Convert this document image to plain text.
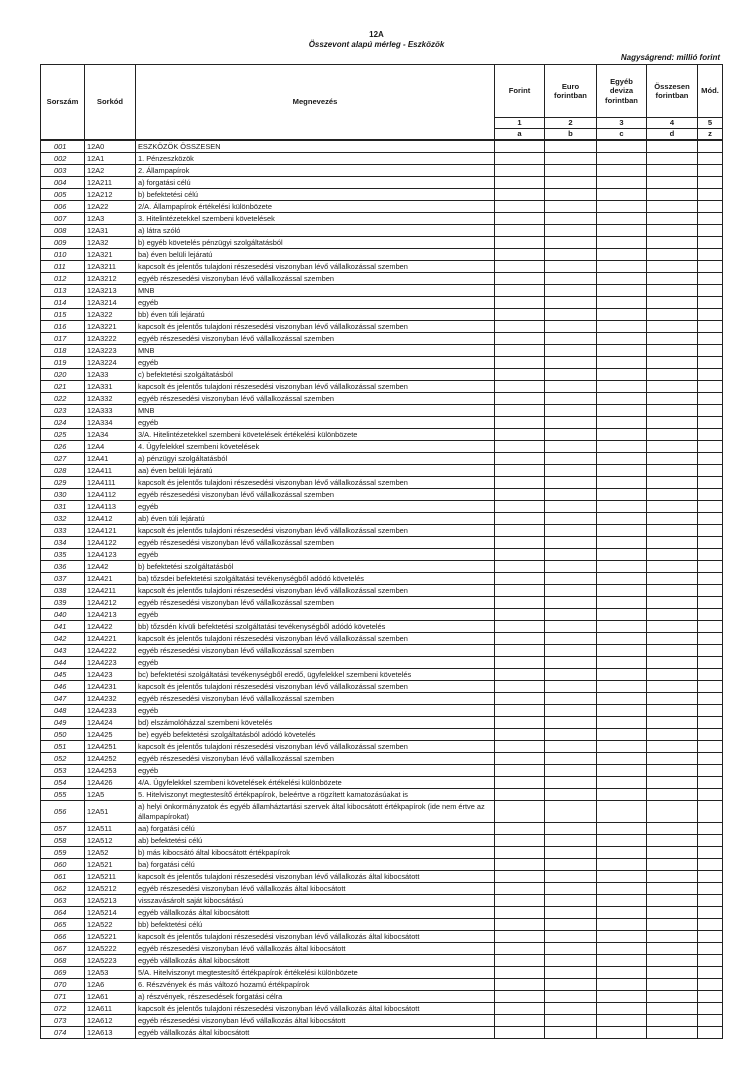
12A
Összevont alapú mérleg - Eszközök
Nagyságrend: millió forint
Sorszám	Sorkód	Megnevezés	Forint	Euro forintban	Egyéb deviza forintban	Összesen forintban	Mód.
			1	2	3	4	5
			a	b	c	d	z
001	12A0	ESZKÖZÖK ÖSSZESEN					
002	12A1	1. Pénzeszközök					
003	12A2	2. Állampapírok					
004	12A211	a) forgatási célú					
005	12A212	b) befektetési célú					
006	12A22	2/A. Állampapírok értékelési különbözete					
007	12A3	3. Hitelintézetekkel szembeni követelések					
008	12A31	a) látra szóló					
009	12A32	b) egyéb követelés pénzügyi szolgáltatásból					
010	12A321	ba) éven belüli lejáratú					
011	12A3211	kapcsolt és jelentős tulajdoni részesedési viszonyban lévő vállalkozással szemben					
012	12A3212	egyéb részesedési viszonyban lévő vállalkozással szemben					
013	12A3213	MNB					
014	12A3214	egyéb					
015	12A322	bb) éven túli lejáratú					
016	12A3221	kapcsolt és jelentős tulajdoni részesedési viszonyban lévő vállalkozással szemben					
017	12A3222	egyéb részesedési viszonyban lévő vállalkozással szemben					
018	12A3223	MNB					
019	12A3224	egyéb					
020	12A33	c) befektetési szolgáltatásból					
021	12A331	kapcsolt és jelentős tulajdoni részesedési viszonyban lévő vállalkozással szemben					
022	12A332	egyéb részesedési viszonyban lévő vállalkozással szemben					
023	12A333	MNB					
024	12A334	egyéb					
025	12A34	3/A. Hitelintézetekkel szembeni követelések értékelési különbözete					
026	12A4	4. Ügyfelekkel szembeni követelések					
027	12A41	a) pénzügyi szolgáltatásból					
028	12A411	aa) éven belüli lejáratú					
029	12A4111	kapcsolt és jelentős tulajdoni részesedési viszonyban lévő vállalkozással szemben					
030	12A4112	egyéb részesedési viszonyban lévő vállalkozással szemben					
031	12A4113	egyéb					
032	12A412	ab) éven túli lejáratú					
033	12A4121	kapcsolt és jelentős tulajdoni részesedési viszonyban lévő vállalkozással szemben					
034	12A4122	egyéb részesedési viszonyban lévő vállalkozással szemben					
035	12A4123	egyéb					
036	12A42	b) befektetési szolgáltatásból					
037	12A421	ba) tőzsdei befektetési szolgáltatási tevékenységből adódó követelés					
038	12A4211	kapcsolt és jelentős tulajdoni részesedési viszonyban lévő vállalkozással szemben					
039	12A4212	egyéb részesedési viszonyban lévő vállalkozással szemben					
040	12A4213	egyéb					
041	12A422	bb) tőzsdén kívüli befektetési szolgáltatási tevékenységből adódó követelés					
042	12A4221	kapcsolt és jelentős tulajdoni részesedési viszonyban lévő vállalkozással szemben					
043	12A4222	egyéb részesedési viszonyban lévő vállalkozással szemben					
044	12A4223	egyéb					
045	12A423	bc) befektetési szolgáltatási tevékenységből eredő, ügyfelekkel szembeni követelés					
046	12A4231	kapcsolt és jelentős tulajdoni részesedési viszonyban lévő vállalkozással szemben					
047	12A4232	egyéb részesedési viszonyban lévő vállalkozással szemben					
048	12A4233	egyéb					
049	12A424	bd) elszámolóházzal szembeni követelés					
050	12A425	be) egyéb befektetési szolgáltatásból adódó követelés					
051	12A4251	kapcsolt és jelentős tulajdoni részesedési viszonyban lévő vállalkozással szemben					
052	12A4252	egyéb részesedési viszonyban lévő vállalkozással szemben					
053	12A4253	egyéb					
054	12A426	4/A. Ügyfelekkel szembeni követelések értékelési különbözete					
055	12A5	5. Hitelviszonyt megtestesítő értékpapírok, beleértve a rögzített kamatozásúakat is					
056	12A51	a) helyi önkormányzatok és egyéb államháztartási szervek által kibocsátott értékpapírok (ide nem értve az állampapírokat)					
057	12A511	aa) forgatási célú					
058	12A512	ab) befektetési célú					
059	12A52	b) más kibocsátó által kibocsátott értékpapírok					
060	12A521	ba) forgatási célú					
061	12A5211	kapcsolt és jelentős tulajdoni részesedési viszonyban lévő vállalkozás által kibocsátott					
062	12A5212	egyéb részesedési viszonyban lévő vállalkozás által kibocsátott					
063	12A5213	visszavásárolt saját kibocsátású					
064	12A5214	egyéb vállalkozás által kibocsátott					
065	12A522	bb) befektetési célú					
066	12A5221	kapcsolt és jelentős tulajdoni részesedési viszonyban lévő vállalkozás által kibocsátott					
067	12A5222	egyéb részesedési viszonyban lévő vállalkozás által kibocsátott					
068	12A5223	egyéb vállalkozás által kibocsátott					
069	12A53	5/A. Hitelviszonyt megtestesítő értékpapírok értékelési különbözete					
070	12A6	6. Részvények és más változó hozamú értékpapírok					
071	12A61	a) részvények, részesedések forgatási célra					
072	12A611	kapcsolt és jelentős tulajdoni részesedési viszonyban lévő vállalkozás által kibocsátott					
073	12A612	egyéb részesedési viszonyban lévő vállalkozás által kibocsátott					
074	12A613	egyéb vállalkozás által kibocsátott					
